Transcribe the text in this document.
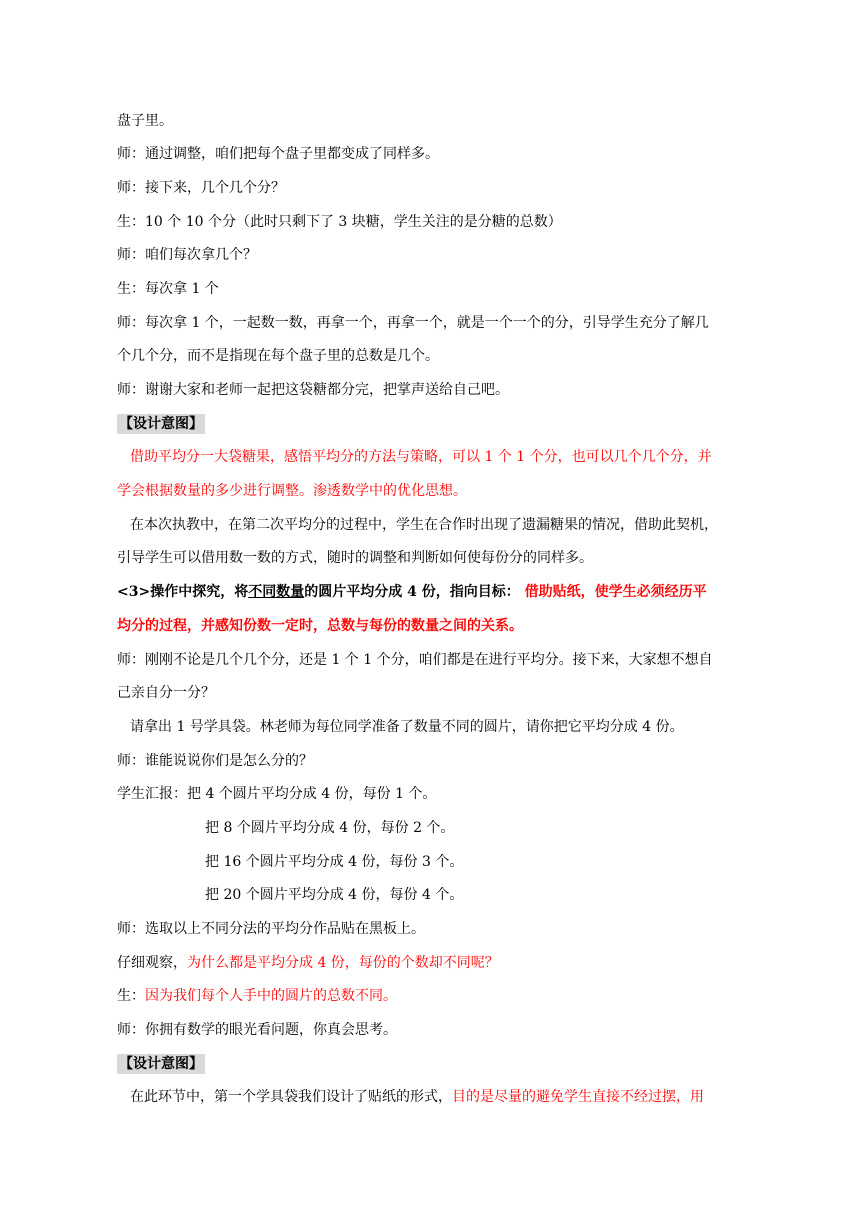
盘子里。
师：通过调整，咱们把每个盘子里都变成了同样多。
师：接下来，几个几个分？
生：10 个 10 个分（此时只剩下了 3 块糖，学生关注的是分糖的总数）
师：咱们每次拿几个？
生：每次拿 1 个
师：每次拿 1 个，一起数一数，再拿一个，再拿一个，就是一个一个的分，引导学生充分了解几
个几个分，而不是指现在每个盘子里的总数是几个。
师：谢谢大家和老师一起把这袋糖都分完，把掌声送给自己吧。
【设计意图】
借助平均分一大袋糖果，感悟平均分的方法与策略，可以 1 个 1 个分，也可以几个几个分，并
学会根据数量的多少进行调整。渗透数学中的优化思想。
在本次执教中，在第二次平均分的过程中，学生在合作时出现了遗漏糖果的情况，借助此契机，
引导学生可以借用数一数的方式，随时的调整和判断如何使每份分的同样多。
<3>操作中探究，将不同数量的圆片平均分成 4 份，指向目标： 借助贴纸，使学生必须经历平
均分的过程，并感知份数一定时，总数与每份的数量之间的关系。
师：刚刚不论是几个几个分，还是 1 个 1 个分，咱们都是在进行平均分。接下来，大家想不想自
己亲自分一分？
请拿出 1 号学具袋。林老师为每位同学准备了数量不同的圆片，请你把它平均分成 4 份。
师：谁能说说你们是怎么分的？
学生汇报：把 4 个圆片平均分成 4 份，每份 1 个。
把 8 个圆片平均分成 4 份，每份 2 个。
把 16 个圆片平均分成 4 份，每份 3 个。
把 20 个圆片平均分成 4 份，每份 4 个。
师：选取以上不同分法的平均分作品贴在黑板上。
仔细观察，为什么都是平均分成 4 份，每份的个数却不同呢？
生：因为我们每个人手中的圆片的总数不同。
师：你拥有数学的眼光看问题，你真会思考。
【设计意图】
在此环节中，第一个学具袋我们设计了贴纸的形式，目的是尽量的避免学生直接不经过摆，用
